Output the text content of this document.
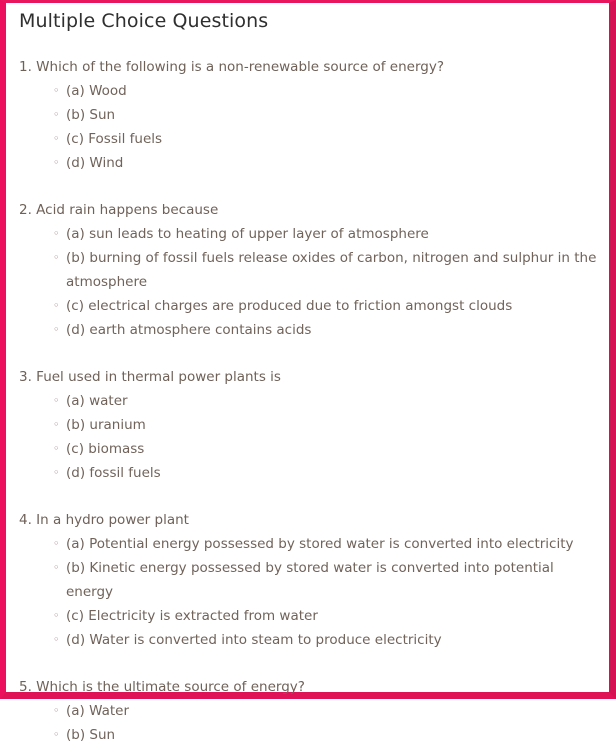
Multiple Choice Questions

1. Which of the following is a non-renewable source of energy?

◦ (a) Wood
◦ (b) Sun
◦ (c) Fossil fuels
◦ (d) Wind

2. Acid rain happens because

◦ (a) sun leads to heating of upper layer of atmosphere
◦ (b) burning of fossil fuels release oxides of carbon, nitrogen and sulphur in the atmosphere
◦ (c) electrical charges are produced due to friction amongst clouds
◦ (d) earth atmosphere contains acids

3. Fuel used in thermal power plants is

◦ (a) water
◦ (b) uranium
◦ (c) biomass
◦ (d) fossil fuels

4. In a hydro power plant

◦ (a) Potential energy possessed by stored water is converted into electricity
◦ (b) Kinetic energy possessed by stored water is converted into potential energy
◦ (c) Electricity is extracted from water
◦ (d) Water is converted into steam to produce electricity

5. Which is the ultimate source of energy?

◦ (a) Water
◦ (b) Sun
